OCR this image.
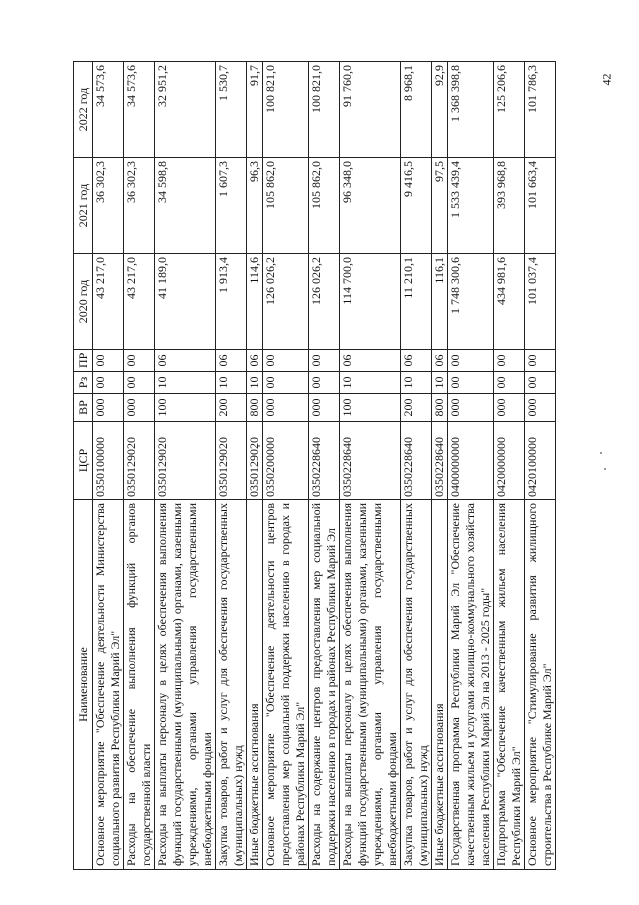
42
Наименование	ЦСР	ВР	Рз	ПР	2020 год	2021 год	2022 год
Основное мероприятие "Обеспечение деятельности Министерства социального развития Республики Марий Эл"	0350100000	000	00	00	43 217,0	36 302,3	34 573,6
Расходы на обеспечение выполнения функций органов государственной власти	0350129020	000	00	00	43 217,0	36 302,3	34 573,6
Расходы на выплаты персоналу в целях обеспечения выполнения функций государственными (муниципальными) органами, казенными учреждениями, органами управления государственными внебюджетными фондами	0350129020	100	10	06	41 189,0	34 598,8	32 951,2
Закупка товаров, работ и услуг для обеспечения государственных (муниципальных) нужд	0350129020	200	10	06	1 913,4	1 607,3	1 530,7
Иные бюджетные ассигнования	0350129020	800	10	06	114,6	96,3	91,7
Основное мероприятие "Обеспечение деятельности центров предоставления мер социальной поддержки населению в городах и районах Республики Марий Эл"	0350200000	000	00	00	126 026,2	105 862,0	100 821,0
Расходы на содержание центров предоставления мер социальной поддержки населению в городах и районах Республики Марий Эл	0350228640	000	00	00	126 026,2	105 862,0	100 821,0
Расходы на выплаты персоналу в целях обеспечения выполнения функций государственными (муниципальными) органами, казенными учреждениями, органами управления государственными внебюджетными фондами	0350228640	100	10	06	114 700,0	96 348,0	91 760,0
Закупка товаров, работ и услуг для обеспечения государственных (муниципальных) нужд	0350228640	200	10	06	11 210,1	9 416,5	8 968,1
Иные бюджетные ассигнования	0350228640	800	10	06	116,1	97,5	92,9
Государственная программа Республики Марий Эл "Обеспечение качественным жильем и услугами жилищно-коммунального хозяйства населения Республики Марий Эл на 2013 - 2025 годы"	0400000000	000	00	00	1 748 300,6	1 533 439,4	1 368 398,8
Подпрограмма "Обеспечение качественным жильем населения Республики Марий Эл"	0420000000	000	00	00	434 981,6	393 968,8	125 206,6
Основное мероприятие "Стимулирование развития жилищного строительства в Республике Марий Эл"	0420100000	000	00	00	101 037,4	101 663,4	101 786,3
